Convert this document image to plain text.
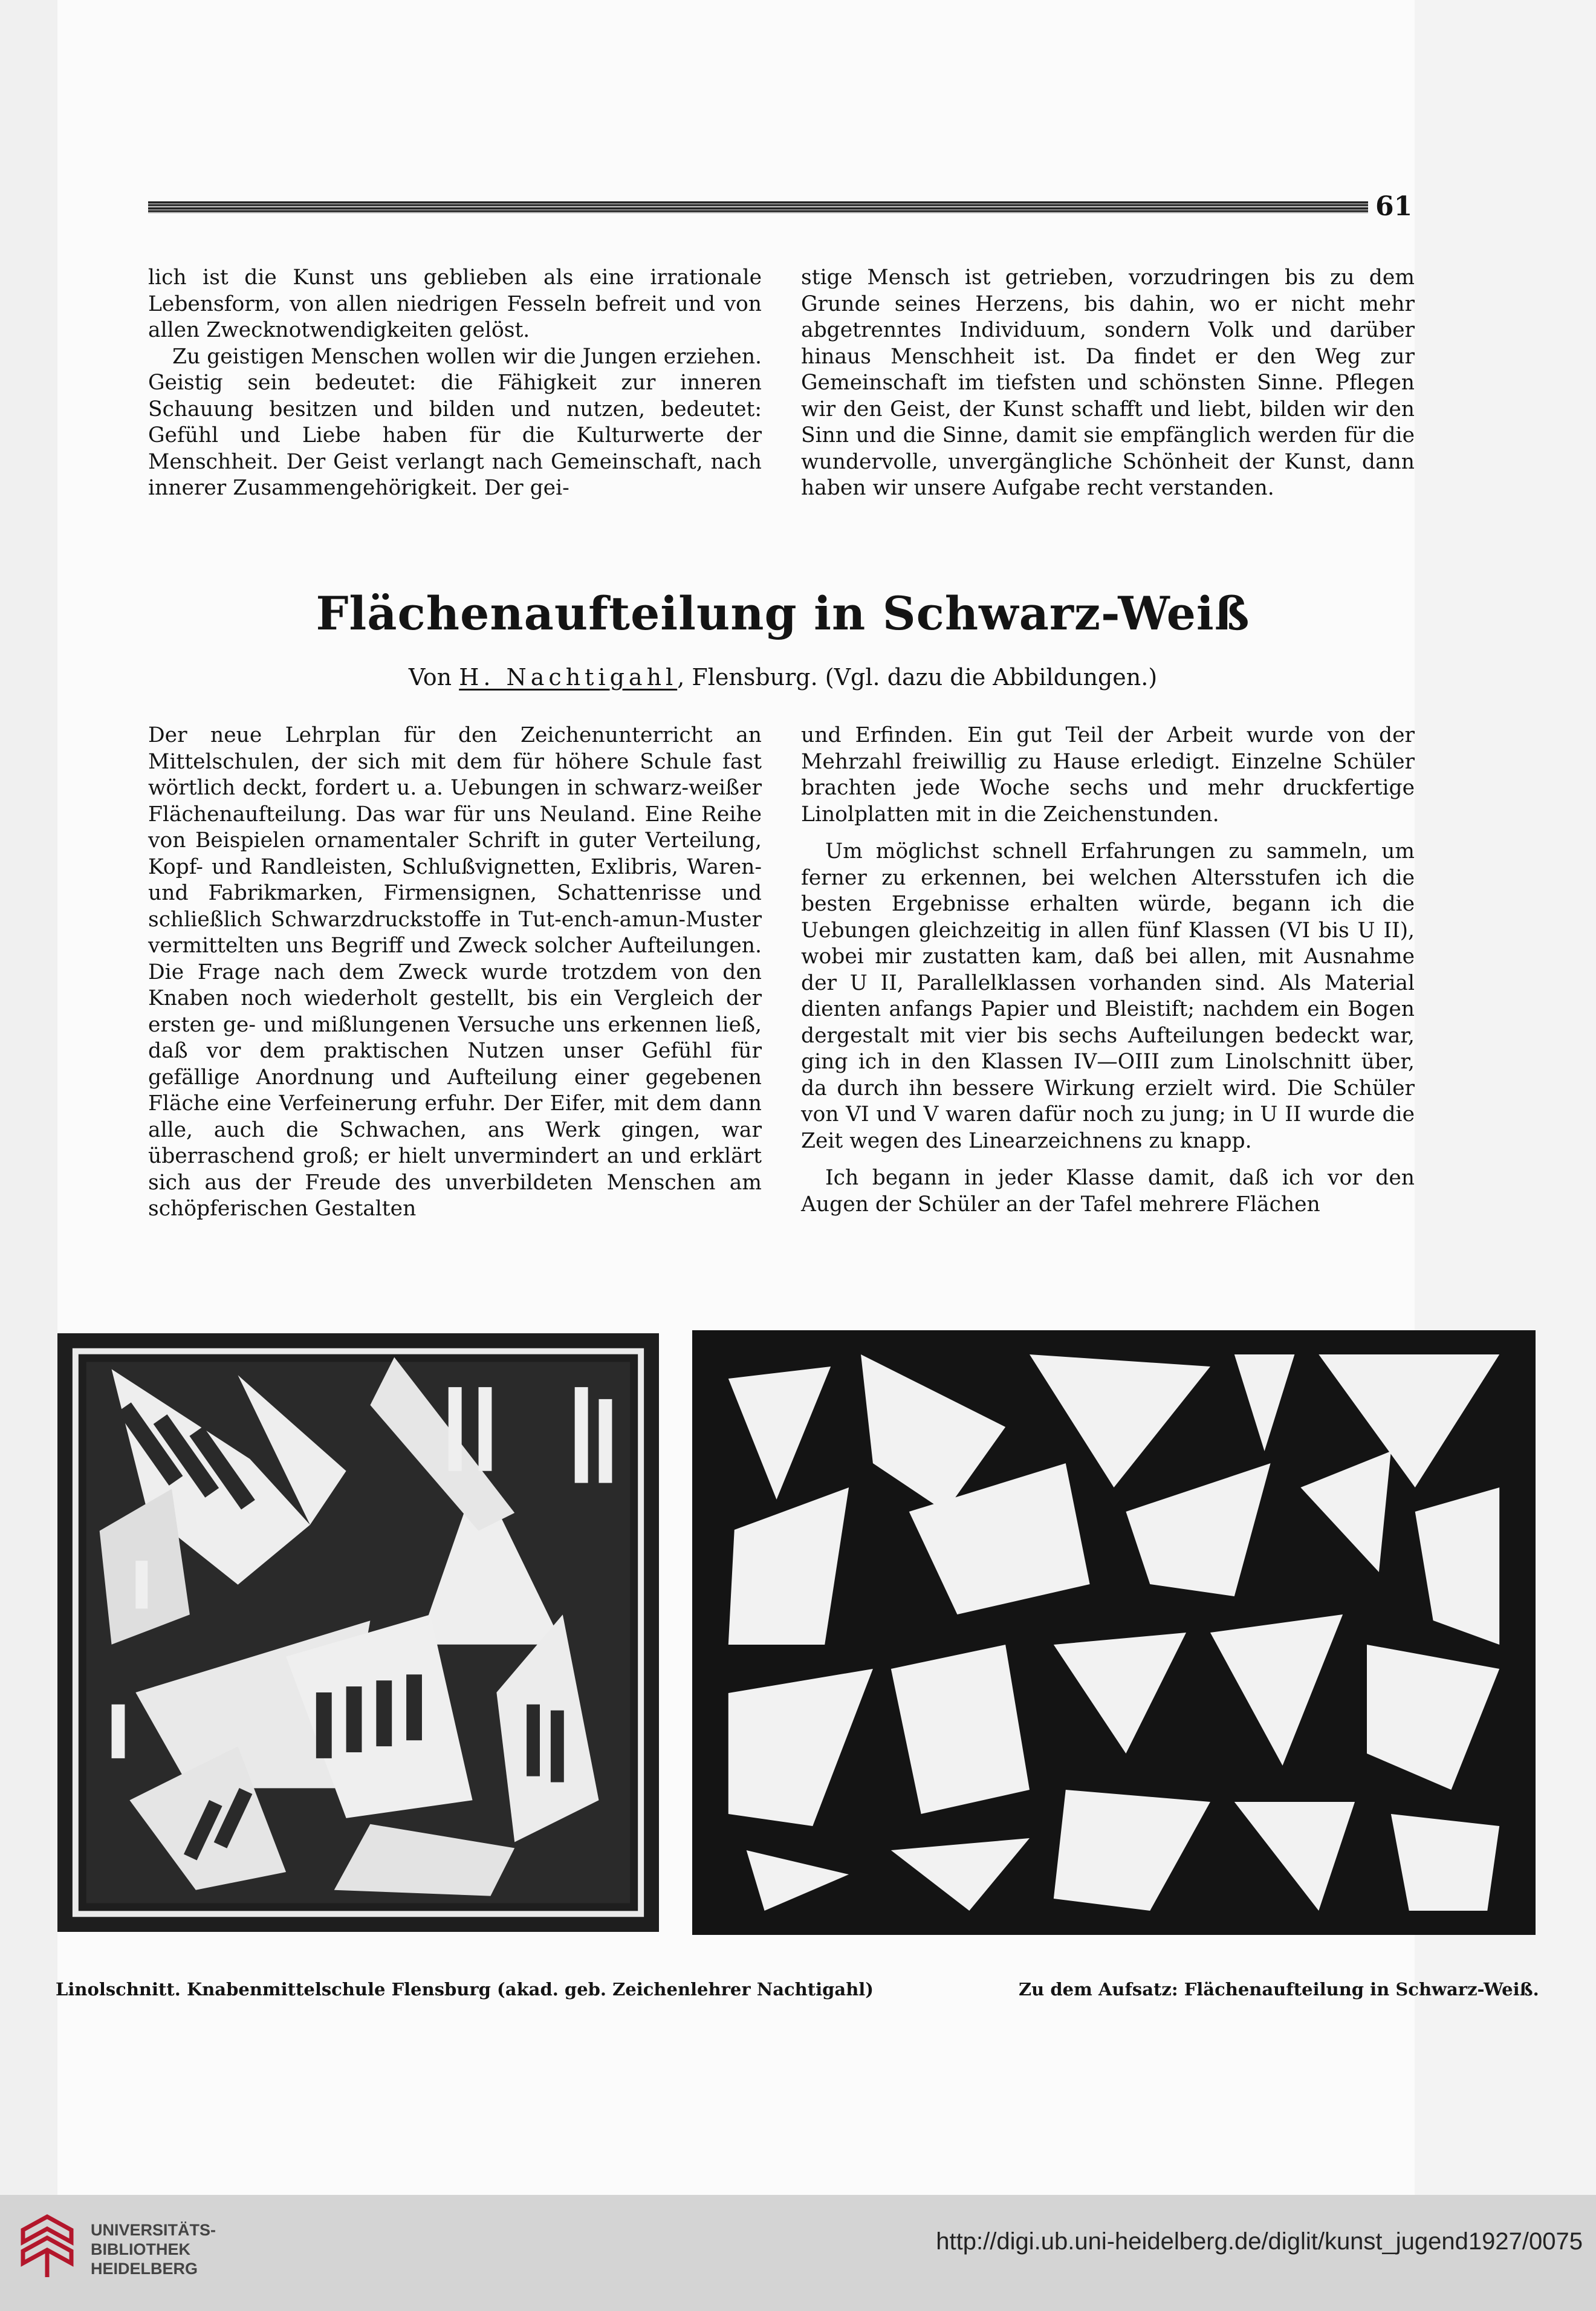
61

lich ist die Kunst uns geblieben als eine irrationale Lebensform, von allen niedrigen Fesseln befreit und von allen Zwecknotwendigkeiten gelöst.

Zu geistigen Menschen wollen wir die Jungen erziehen. Geistig sein bedeutet: die Fähigkeit zur inneren Schauung besitzen und bilden und nutzen, bedeutet: Gefühl und Liebe haben für die Kulturwerte der Menschheit. Der Geist verlangt nach Gemeinschaft, nach innerer Zusammengehörigkeit. Der gei-

stige Mensch ist getrieben, vorzudringen bis zu dem Grunde seines Herzens, bis dahin, wo er nicht mehr abgetrenntes Individuum, sondern Volk und darüber hinaus Menschheit ist. Da findet er den Weg zur Gemeinschaft im tiefsten und schönsten Sinne. Pflegen wir den Geist, der Kunst schafft und liebt, bilden wir den Sinn und die Sinne, damit sie empfänglich werden für die wundervolle, unvergängliche Schönheit der Kunst, dann haben wir unsere Aufgabe recht verstanden.

Flächenaufteilung in Schwarz-Weiß
Von H. Nachtigahl, Flensburg. (Vgl. dazu die Abbildungen.)

Der neue Lehrplan für den Zeichenunterricht an Mittelschulen, der sich mit dem für höhere Schule fast wörtlich deckt, fordert u. a. Uebungen in schwarz-weißer Flächenaufteilung. Das war für uns Neuland. Eine Reihe von Beispielen ornamentaler Schrift in guter Verteilung, Kopf- und Randleisten, Schlußvignetten, Exlibris, Waren- und Fabrikmarken, Firmensignen, Schattenrisse und schließlich Schwarzdruckstoffe in Tut-ench-amun-Muster vermittelten uns Begriff und Zweck solcher Aufteilungen. Die Frage nach dem Zweck wurde trotzdem von den Knaben noch wiederholt gestellt, bis ein Vergleich der ersten ge- und mißlungenen Versuche uns erkennen ließ, daß vor dem praktischen Nutzen unser Gefühl für gefällige Anordnung und Aufteilung einer gegebenen Fläche eine Verfeinerung erfuhr. Der Eifer, mit dem dann alle, auch die Schwachen, ans Werk gingen, war überraschend groß; er hielt unvermindert an und erklärt sich aus der Freude des unverbildeten Menschen am schöpferischen Gestalten

und Erfinden. Ein gut Teil der Arbeit wurde von der Mehrzahl freiwillig zu Hause erledigt. Einzelne Schüler brachten jede Woche sechs und mehr druckfertige Linolplatten mit in die Zeichenstunden.

Um möglichst schnell Erfahrungen zu sammeln, um ferner zu erkennen, bei welchen Altersstufen ich die besten Ergebnisse erhalten würde, begann ich die Uebungen gleichzeitig in allen fünf Klassen (VI bis U II), wobei mir zustatten kam, daß bei allen, mit Ausnahme der U II, Parallelklassen vorhanden sind. Als Material dienten anfangs Papier und Bleistift; nachdem ein Bogen dergestalt mit vier bis sechs Aufteilungen bedeckt war, ging ich in den Klassen IV—OIII zum Linolschnitt über, da durch ihn bessere Wirkung erzielt wird. Die Schüler von VI und V waren dafür noch zu jung; in U II wurde die Zeit wegen des Linearzeichnens zu knapp.

Ich begann in jeder Klasse damit, daß ich vor den Augen der Schüler an der Tafel mehrere Flächen

Linolschnitt. Knabenmittelschule Flensburg (akad. geb. Zeichenlehrer Nachtigahl)	Zu dem Aufsatz: Flächenaufteilung in Schwarz-Weiß.
UNIVERSITÄTS-
BIBLIOTHEK
HEIDELBERG
http://digi.ub.uni-heidelberg.de/diglit/kunst_jugend1927/0075
